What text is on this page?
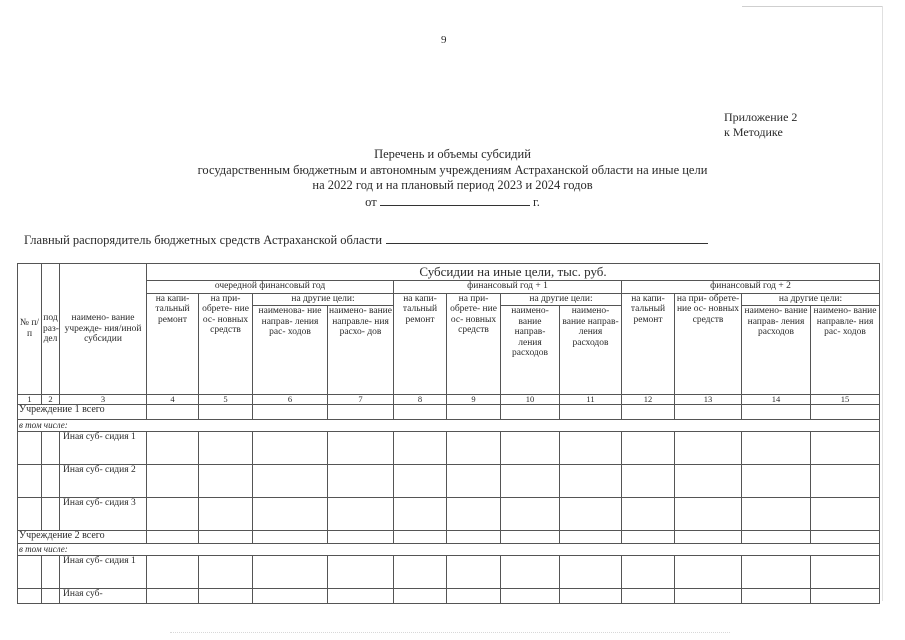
9
Приложение 2
к Методике
Перечень и объемы субсидий
государственным бюджетным и автономным учреждениям Астраханской области на иные цели
на 2022 год и на плановый период 2023 и 2024 годов
от	г.
Главный распорядитель бюджетных средств Астраханской области
№ п/п	под раз- дел	наимено- вание учрежде- ния/иной субсидии	Субсидии на иные цели, тыс. руб.											
			очередной финансовый год				финансовый год + 1				финансовый год + 2			
			на капи- тальный ремонт	на при- обрете- ние ос- новных средств	на другие цели:		на капи- тальный ремонт	на при- обрете- ние ос- новных средств	на другие цели:		на капи- тальный ремонт	на при- обрете- ние ос- новных средств	на другие цели:	
					наименова- ние направ- ления рас- ходов	наимено- вание направле- ния расхо- дов			наимено- вание направ- ления расходов	наимено- вание направ- ления расходов			наимено- вание направ- ления расходов	наимено- вание направле- ния рас- ходов
1	2	3	4	5	6	7	8	9	10	11	12	13	14	15
Учреждение 1 всего														
в том числе:														
		Иная суб- сидия 1												
		Иная суб- сидия 2												
		Иная суб- сидия 3												
Учреждение 2 всего														
в том числе:														
		Иная суб- сидия 1												
		Иная суб-												
